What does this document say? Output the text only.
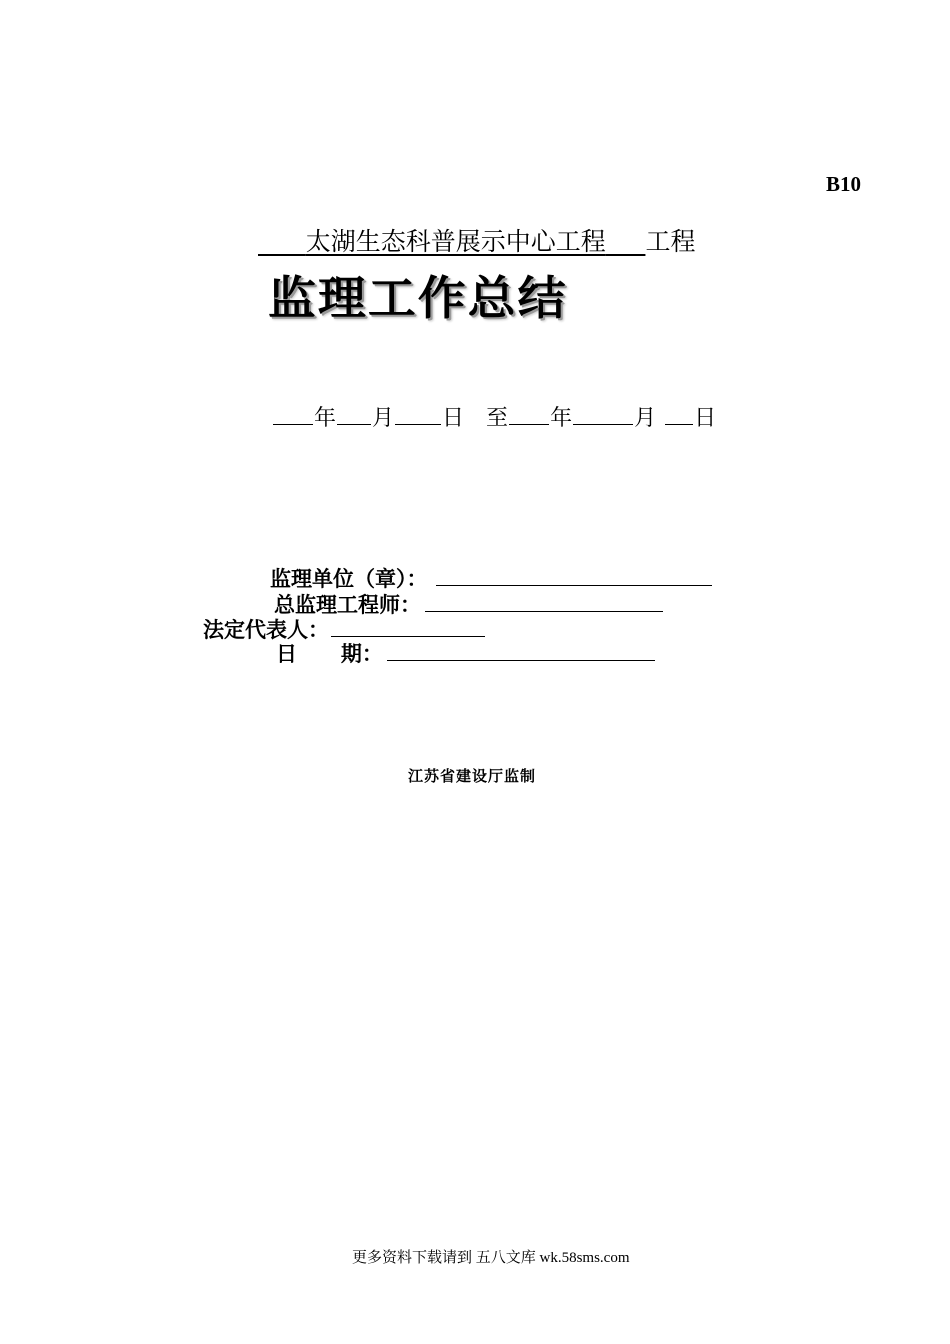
B10
太湖生态科普展示中心工程 工程
监理工作总结
年 月 日 至 年	月 日
监理单位（章）：
总监理工程师：
法定代表人：
日      期：
江苏省建设厅监制
更多资料下载请到 五八文库 wk.58sms.com
